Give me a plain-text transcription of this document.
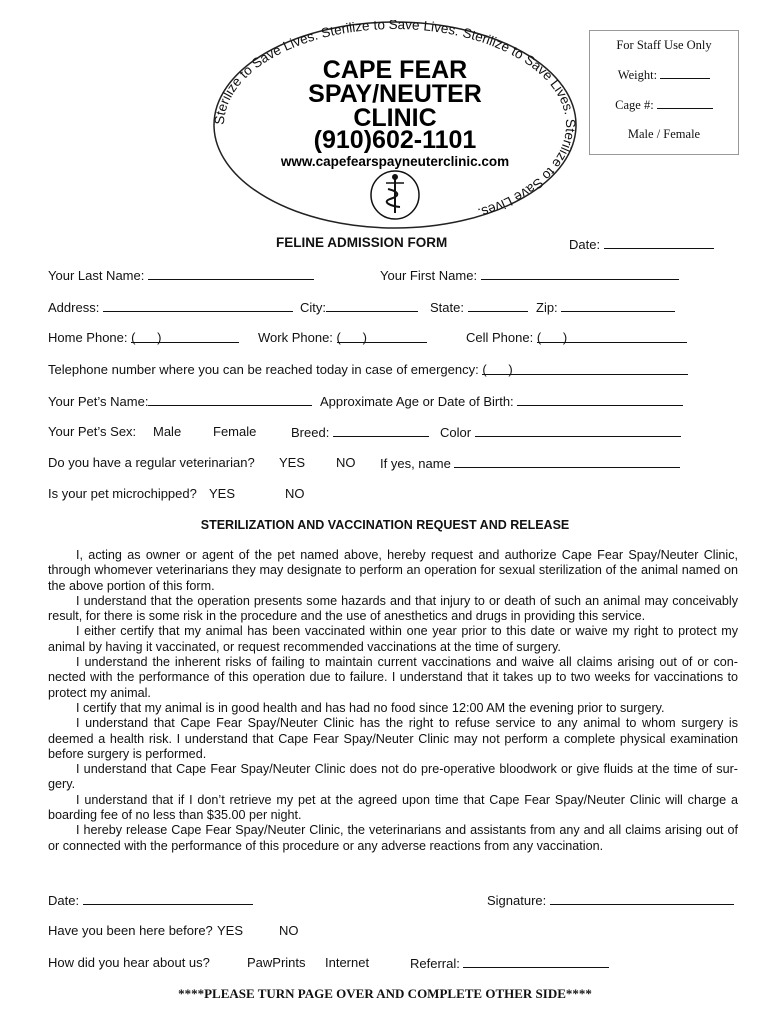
Sterilize to Save Lives. Sterilize to Save Lives. Sterilize to Save Lives. Sterilize to Save Lives.
CAPE FEAR
SPAY/NEUTER
CLINIC
(910)602-1101
www.capefearspayneuterclinic.com
For Staff Use Only
Weight:
Cage #:
Male / Female
FELINE ADMISSION FORM	Date:
Your Last Name:	Your First Name:
Address:	City:	State:	Zip:
Home Phone: ( )	Work Phone: ( )	Cell Phone: ( )
Telephone number where you can be reached today in case of emergency: ( )
Your Pet’s Name:	Approximate Age or Date of Birth:
Your Pet’s Sex: Male Female	Breed:	Color
Do you have a regular veterinarian? YES NO If yes, name
Is your pet microchipped? YES	NO
STERILIZATION AND VACCINATION REQUEST AND RELEASE

I, acting as owner or agent of the pet named above, hereby request and authorize Cape Fear Spay/Neuter Clinic, through whomever veterinarians they may designate to perform an operation for sexual sterilization of the animal named on the above portion of this form.

I understand that the operation presents some hazards and that injury to or death of such an animal may conceivably result, for there is some risk in the procedure and the use of anesthetics and drugs in providing this service.

I either certify that my animal has been vaccinated within one year prior to this date or waive my right to protect my animal by having it vaccinated, or request recommended vaccinations at the time of surgery.

I understand the inherent risks of failing to maintain current vaccinations and waive all claims arising out of or con-nected with the performance of this operation due to failure. I understand that it takes up to two weeks for vaccinations to protect my animal.

I certify that my animal is in good health and has had no food since 12:00 AM the evening prior to surgery.

I understand that Cape Fear Spay/Neuter Clinic has the right to refuse service to any animal to whom surgery is deemed a health risk. I understand that Cape Fear Spay/Neuter Clinic may not perform a complete physical examination before surgery is performed.

I understand that Cape Fear Spay/Neuter Clinic does not do pre-operative bloodwork or give fluids at the time of sur-gery.

I understand that if I don’t retrieve my pet at the agreed upon time that Cape Fear Spay/Neuter Clinic will charge a boarding fee of no less than $35.00 per night.

I hereby release Cape Fear Spay/Neuter Clinic, the veterinarians and assistants from any and all claims arising out of or connected with the performance of this procedure or any adverse reactions from any vaccination.

Date:	Signature:
Have you been here before? YES	NO
How did you hear about us?	PawPrints Internet	Referral:
****PLEASE TURN PAGE OVER AND COMPLETE OTHER SIDE****
